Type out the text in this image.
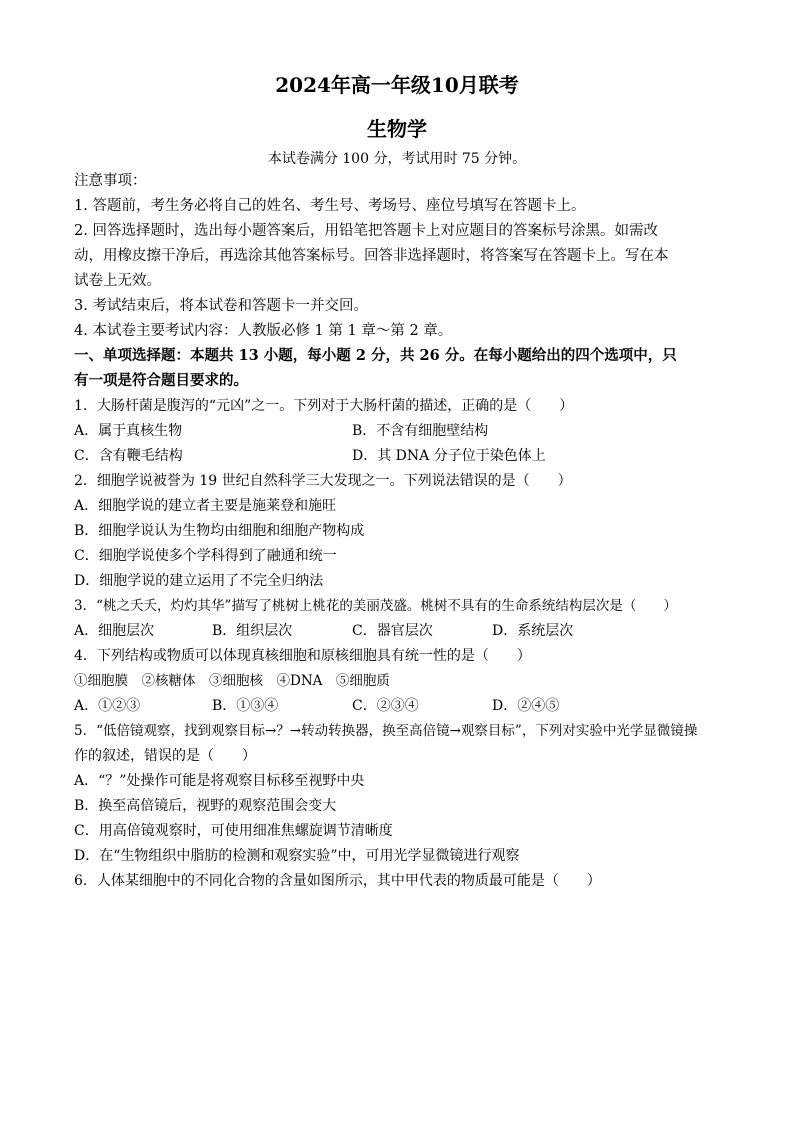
2024年高一年级10月联考
生物学
本试卷满分 100 分，考试用时 75 分钟。
注意事项：
1. 答题前，考生务必将自己的姓名、考生号、考场号、座位号填写在答题卡上。
2. 回答选择题时，选出每小题答案后，用铅笔把答题卡上对应题目的答案标号涂黑。如需改
动，用橡皮擦干净后，再选涂其他答案标号。回答非选择题时，将答案写在答题卡上。写在本
试卷上无效。
3. 考试结束后，将本试卷和答题卡一并交回。
4. 本试卷主要考试内容：人教版必修 1 第 1 章～第 2 章。
一、单项选择题：本题共 13 小题，每小题 2 分，共 26 分。在每小题给出的四个选项中，只
有一项是符合题目要求的。
1．大肠杆菌是腹泻的“元凶”之一。下列对于大肠杆菌的描述，正确的是（　　）
A．属于真核生物	B．不含有细胞壁结构
C．含有鞭毛结构	D．其 DNA 分子位于染色体上
2．细胞学说被誉为 19 世纪自然科学三大发现之一。下列说法错误的是（　　）
A．细胞学说的建立者主要是施莱登和施旺
B．细胞学说认为生物均由细胞和细胞产物构成
C．细胞学说使多个学科得到了融通和统一
D．细胞学说的建立运用了不完全归纳法
3．“桃之夭夭，灼灼其华”描写了桃树上桃花的美丽茂盛。桃树不具有的生命系统结构层次是（　　）
A．细胞层次	B．组织层次	C．器官层次	D．系统层次
4．下列结构或物质可以体现真核细胞和原核细胞具有统一性的是（　　）
①细胞膜　②核糖体　③细胞核　④DNA　⑤细胞质
A．①②③	B．①③④	C．②③④	D．②④⑤
5．“低倍镜观察，找到观察目标→？→转动转换器，换至高倍镜→观察目标”，下列对实验中光学显微镜操
作的叙述，错误的是（　　）
A．“？”处操作可能是将观察目标移至视野中央
B．换至高倍镜后，视野的观察范围会变大
C．用高倍镜观察时，可使用细准焦螺旋调节清晰度
D．在“生物组织中脂肪的检测和观察实验”中，可用光学显微镜进行观察
6．人体某细胞中的不同化合物的含量如图所示，其中甲代表的物质最可能是（　　）
